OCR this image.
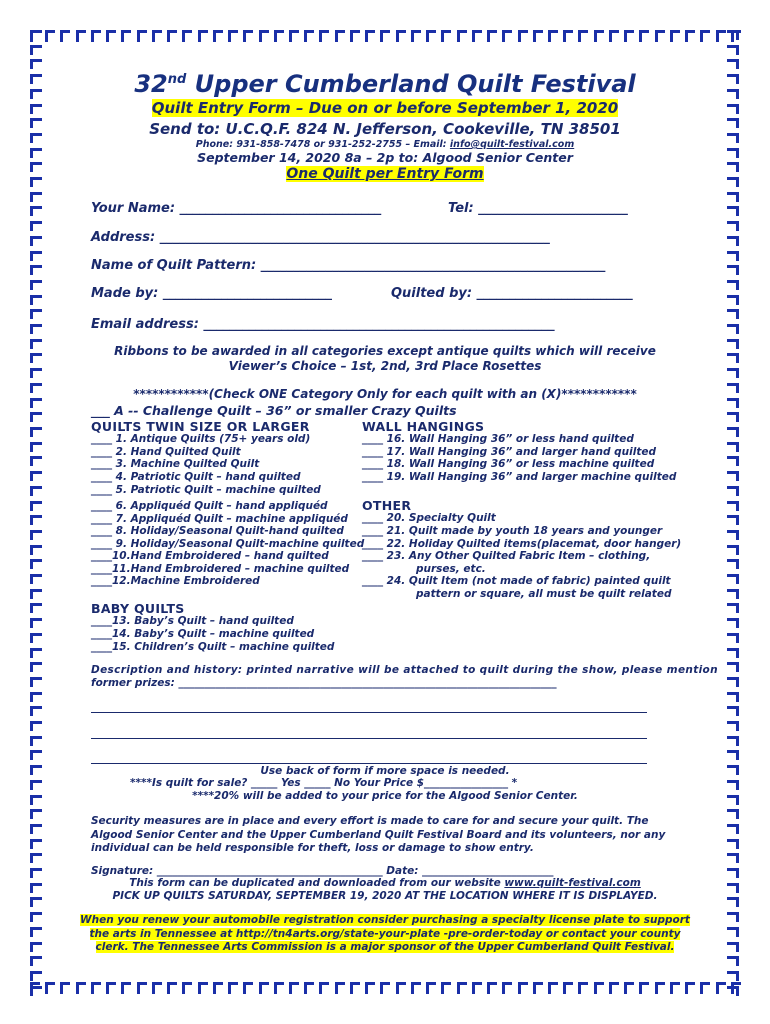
32nd Upper Cumberland Quilt Festival
Quilt Entry Form – Due on or before September 1, 2020
Send to: U.C.Q.F. 824 N. Jefferson, Cookeville, TN 38501
Phone: 931-858-7478 or 931-252-2755 – Email: info@quilt-festival.com
September 14, 2020 8a – 2p to: Algood Senior Center
One Quilt per Entry Form
Your Name: _______________________________	Tel: _______________________
Address: ____________________________________________________________
Name of Quilt Pattern: _____________________________________________________
Made by: __________________________	Quilted by: ________________________
Email address: ______________________________________________________
Ribbons to be awarded in all categories except antique quilts which will receive
Viewer’s Choice – 1st, 2nd, 3rd Place Rosettes
************(Check ONE Category Only for each quilt with an (X)************
___ A -- Challenge Quilt – 36” or smaller Crazy Quilts
QUILTS TWIN SIZE OR LARGER	WALL HANGINGS
____ 1. Antique Quilts (75+ years old)
____ 2. Hand Quilted Quilt
____ 3. Machine Quilted Quilt
____ 4. Patriotic Quilt – hand quilted
____ 5. Patriotic Quilt – machine quilted
____ 6. Appliquéd Quilt – hand appliquéd
____ 7. Appliquéd Quilt – machine appliquéd
____ 8. Holiday/Seasonal Quilt-hand quilted
____ 9. Holiday/Seasonal Quilt-machine quilted
____10.Hand Embroidered – hand quilted
____11.Hand Embroidered – machine quilted
____12.Machine Embroidered
____ 16. Wall Hanging 36” or less hand quilted
____ 17. Wall Hanging 36” and larger hand quilted
____ 18. Wall Hanging 36” or less machine quilted
____ 19. Wall Hanging 36” and larger machine quilted
OTHER
____ 20. Specialty Quilt
____ 21. Quilt made by youth 18 years and younger
____ 22. Holiday Quilted items(placemat, door hanger)
____ 23. Any Other Quilted Fabric Item – clothing,
purses, etc.
____ 24. Quilt Item (not made of fabric) painted quilt
pattern or square, all must be quilt related
BABY QUILTS
____13. Baby’s Quilt – hand quilted
____14. Baby’s Quilt – machine quilted
____15. Children’s Quilt – machine quilted
Description and history: printed narrative will be attached to quilt during the show, please mention
former prizes: ________________________________________________________________________
Use back of form if more space is needed.
****Is quilt for sale? _____ Yes _____ No Your Price $________________ *
****20% will be added to your price for the Algood Senior Center.
Security measures are in place and every effort is made to care for and secure your quilt. The Algood Senior Center and the Upper Cumberland Quilt Festival Board and its volunteers, nor any individual can be held responsible for theft, loss or damage to show entry.
Signature: ___________________________________________ Date: _________________________
This form can be duplicated and downloaded from our website www.quilt-festival.com
PICK UP QUILTS SATURDAY, SEPTEMBER 19, 2020 AT THE LOCATION WHERE IT IS DISPLAYED.
When you renew your automobile registration consider purchasing a specialty license plate to support
the arts in Tennessee at http://tn4arts.org/state-your-plate -pre-order-today or contact your county
clerk. The Tennessee Arts Commission is a major sponsor of the Upper Cumberland Quilt Festival.
